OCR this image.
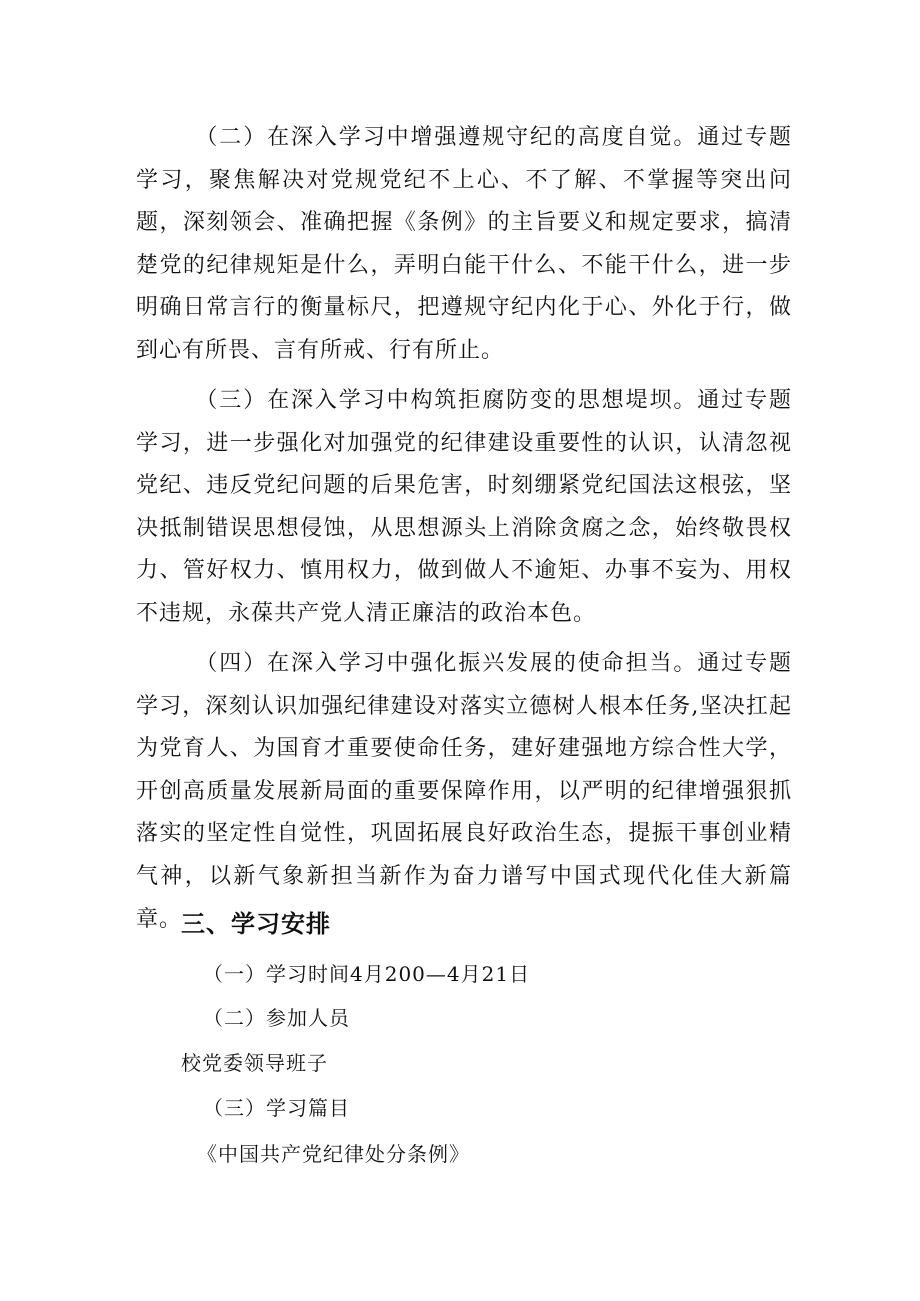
（二）在深入学习中增强遵规守纪的高度自觉。通过专题学习，聚焦解决对党规党纪不上心、不了解、不掌握等突出问题，深刻领会、准确把握《条例》的主旨要义和规定要求，搞清楚党的纪律规矩是什么，弄明白能干什么、不能干什么，进一步明确日常言行的衡量标尺，把遵规守纪内化于心、外化于行，做到心有所畏、言有所戒、行有所止。

（三）在深入学习中构筑拒腐防变的思想堤坝。通过专题学习，进一步强化对加强党的纪律建设重要性的认识，认清忽视党纪、违反党纪问题的后果危害，时刻绷紧党纪国法这根弦，坚决抵制错误思想侵蚀，从思想源头上消除贪腐之念，始终敬畏权力、管好权力、慎用权力，做到做人不逾矩、办事不妄为、用权不违规，永葆共产党人清正廉洁的政治本色。

（四）在深入学习中强化振兴发展的使命担当。通过专题学习，深刻认识加强纪律建设对落实立德树人根本任务,坚决扛起为党育人、为国育才重要使命任务，建好建强地方综合性大学，开创高质量发展新局面的重要保障作用，以严明的纪律增强狠抓落实的坚定性自觉性，巩固拓展良好政治生态，提振干事创业精气神，以新气象新担当新作为奋力谱写中国式现代化佳大新篇章。

三、学习安排

（一）学习时间4月200—4月21日

（二）参加人员

校党委领导班子

（三）学习篇目

《中国共产党纪律处分条例》
